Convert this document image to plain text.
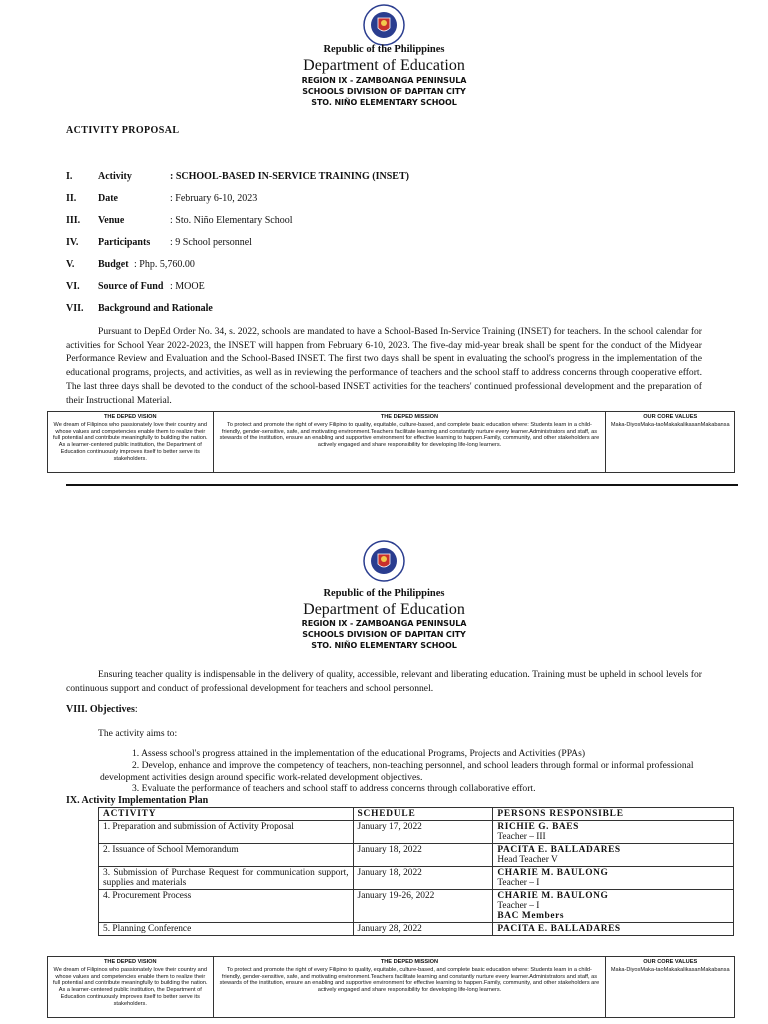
Republic of the Philippines
Department of Education
REGION IX - ZAMBOANGA PENINSULA
SCHOOLS DIVISION OF DAPITAN CITY
STO. NIÑO ELEMENTARY SCHOOL
ACTIVITY PROPOSAL
I.	Activity	: SCHOOL-BASED IN-SERVICE TRAINING (INSET)
II. Date	: February 6-10, 2023
III. Venue	: Sto. Niño Elementary School
IV. Participants : 9 School personnel
V. Budget : Php. 5,760.00
VI. Source of Fund : MOOE
VII. Background and Rationale
Pursuant to DepEd Order No. 34, s. 2022, schools are mandated to have a School-Based In-Service Training (INSET) for teachers. In the school calendar for activities for School Year 2022-2023, the INSET will happen from February 6-10, 2023. The five-day mid-year break shall be spent for the conduct of the Midyear Performance Review and Evaluation and the School-Based INSET. The first two days shall be spent in evaluating the school's progress in the implementation of the educational programs, projects, and activities, as well as in reviewing the performance of teachers and the school staff to address concerns through cooperative effort. The last three days shall be devoted to the conduct of the school-based INSET activities for the teachers' continued professional development and the preparation of their Instructional Material.
THE DEPED VISION
We dream of Filipinos who passionately love their country and whose values and competencies enable them to realize their full potential and contribute meaningfully to building the nation. As a learner-centered public institution, the Department of Education continuously improves itself to better serve its stakeholders.
THE DEPED MISSION
To protect and promote the right of every Filipino to quality, equitable, culture-based, and complete basic education where: Students learn in a child-friendly, gender-sensitive, safe, and motivating environment.Teachers facilitate learning and constantly nurture every learner.Administrators and staff, as stewards of the institution, ensure an enabling and supportive environment for effective learning to happen.Family, community, and other stakeholders are actively engaged and share responsibility for developing life-long learners.
OUR CORE VALUES
Maka-DiyosMaka-taoMakakalikasanMakabansa
Republic of the Philippines
Department of Education
REGION IX - ZAMBOANGA PENINSULA
SCHOOLS DIVISION OF DAPITAN CITY
STO. NIÑO ELEMENTARY SCHOOL
Ensuring teacher quality is indispensable in the delivery of quality, accessible, relevant and liberating education. Training must be upheld in school levels for continuous support and conduct of professional development for teachers and school personnel.
VIII. Objectives:
The activity aims to:

1. Assess school's progress attained in the implementation of the educational Programs, Projects and Activities (PPAs)

2. Develop, enhance and improve the competency of teachers, non-teaching personnel, and school leaders through formal or informal professional development activities design around specific work-related development objectives.

3. Evaluate the performance of teachers and school staff to address concerns through collaborative effort.

IX. Activity Implementation Plan
ACTIVITY	SCHEDULE	PERSONS RESPONSIBLE
1. Preparation and submission of Activity Proposal	January 17, 2022	RICHIE G. BAES
Teacher – III

2. Issuance of School Memorandum	January 18, 2022	PACITA E. BALLADARES
Head Teacher V

3. Submission of Purchase Request for communication support, supplies and materials	January 18, 2022	CHARIE M. BAULONG
Teacher – I

4. Procurement Process	January 19-26, 2022	CHARIE M. BAULONG
Teacher – I
BAC Members

5. Planning Conference	January 28, 2022	PACITA E. BALLADARES
THE DEPED VISION
We dream of Filipinos who passionately love their country and whose values and competencies enable them to realize their full potential and contribute meaningfully to building the nation. As a learner-centered public institution, the Department of Education continuously improves itself to better serve its stakeholders.
THE DEPED MISSION
To protect and promote the right of every Filipino to quality, equitable, culture-based, and complete basic education where: Students learn in a child-friendly, gender-sensitive, safe, and motivating environment.Teachers facilitate learning and constantly nurture every learner.Administrators and staff, as stewards of the institution, ensure an enabling and supportive environment for effective learning to happen.Family, community, and other stakeholders are actively engaged and share responsibility for developing life-long learners.
OUR CORE VALUES
Maka-DiyosMaka-taoMakakalikasanMakabansa
